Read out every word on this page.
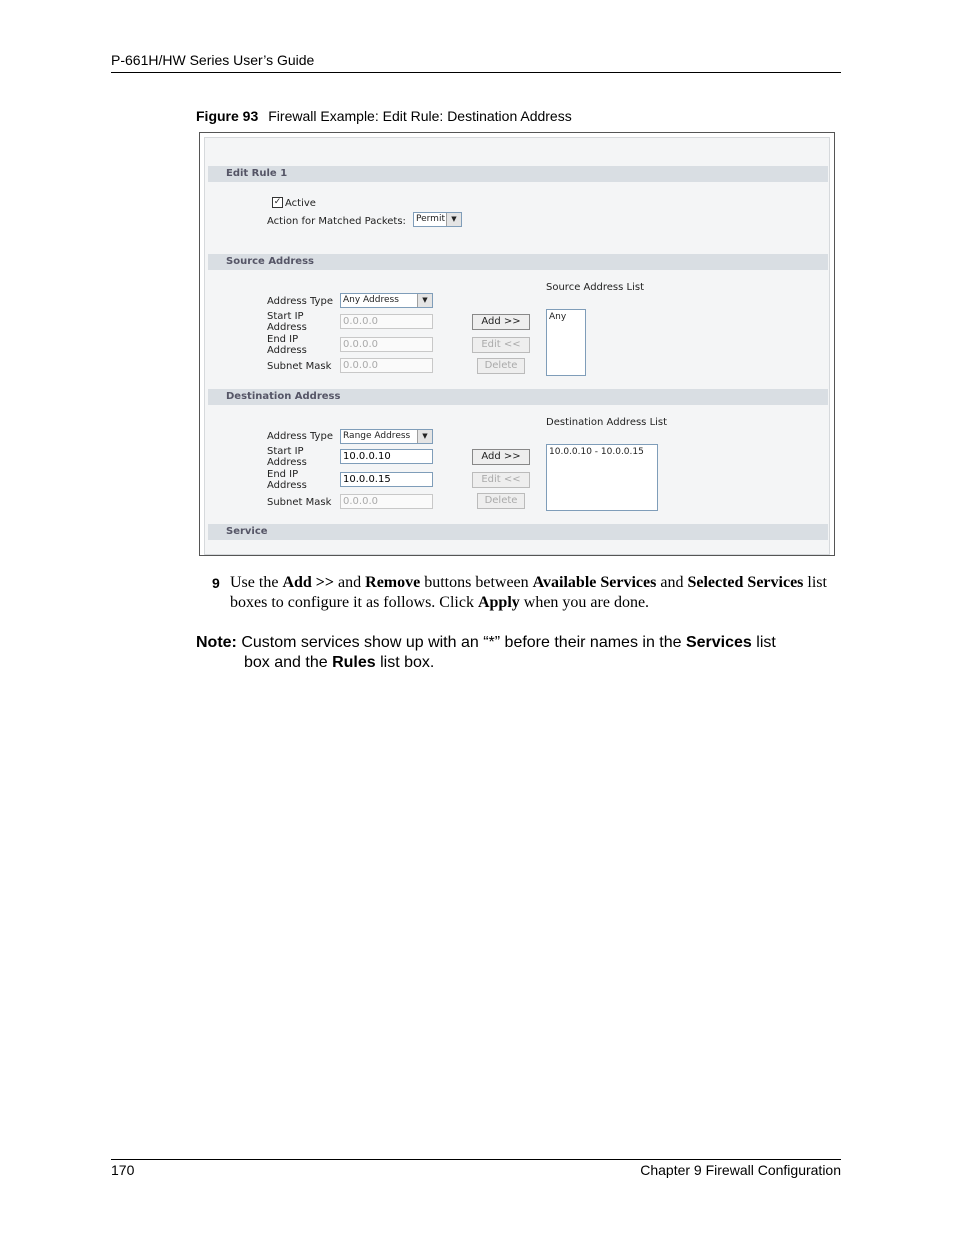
P-661H/HW Series User’s Guide
Figure 93 Firewall Example: Edit Rule: Destination Address
Edit Rule 1
✓ Active
Action for Matched Packets:	Permit ▼
Source Address
Source Address List
Address Type	Any Address	▼
Start IP Address
0.0.0.0
End IP Address
0.0.0.0
Subnet Mask	0.0.0.0
Add >>
Edit <<
Delete
Any
Destination Address
Destination Address List
Address Type	Range Address	▼
Start IP Address
10.0.0.10
End IP Address
10.0.0.15
Subnet Mask	0.0.0.0
Add >>
Edit <<
Delete
10.0.0.10 - 10.0.0.15
Service
9 Use the Add >> and Remove buttons between Available Services and Selected Services list boxes to configure it as follows. Click Apply when you are done.
Note: Custom services show up with an “*” before their names in the Services list
box and the Rules list box.
170	Chapter 9 Firewall Configuration
